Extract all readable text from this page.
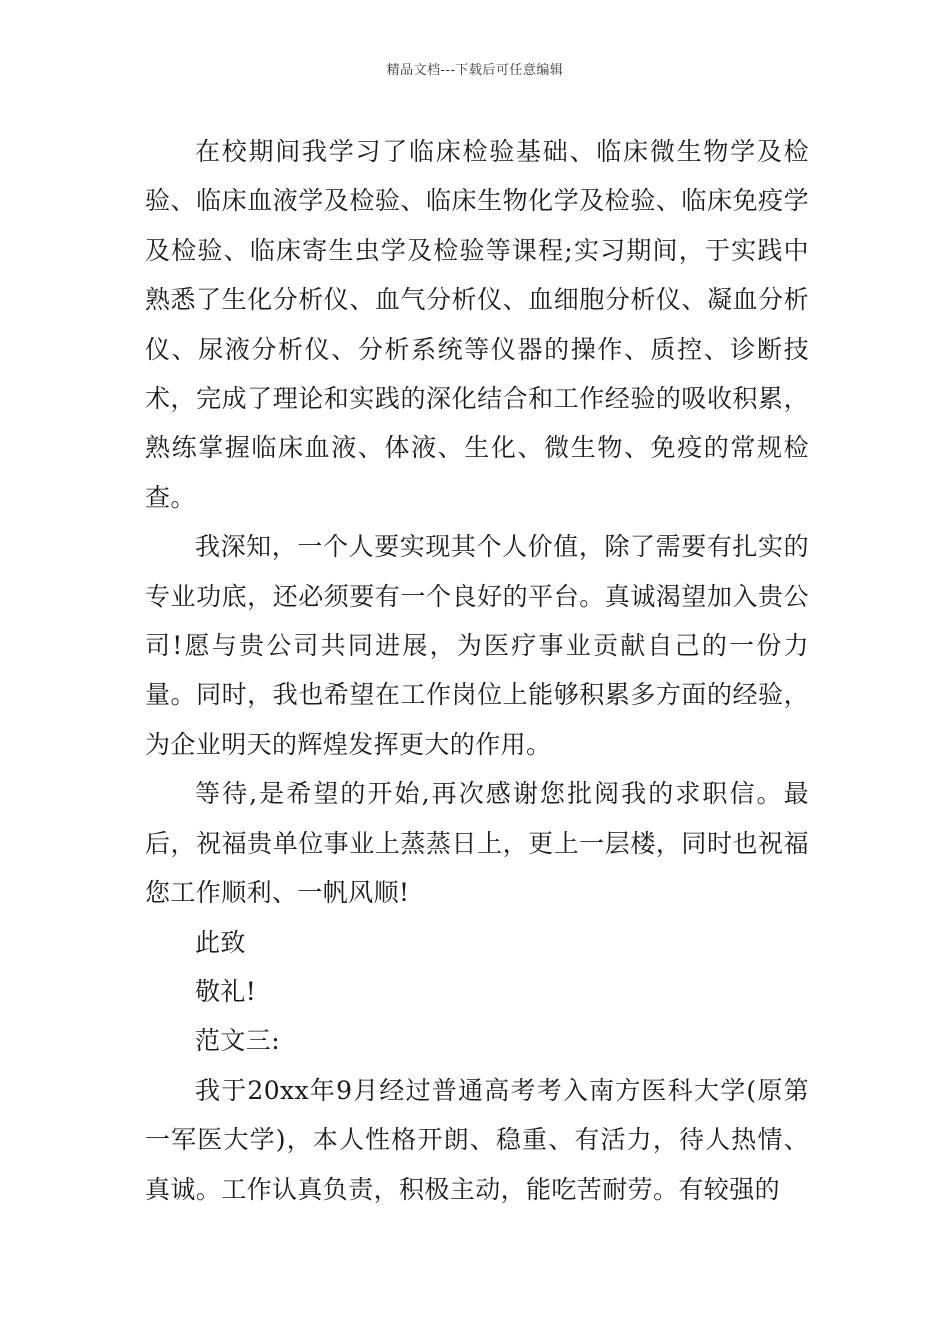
精品文档---下载后可任意编辑

在校期间我学习了临床检验基础、临床微生物学及检验、临床血液学及检验、临床生物化学及检验、临床免疫学及检验、临床寄生虫学及检验等课程;实习期间，于实践中熟悉了生化分析仪、血气分析仪、血细胞分析仪、凝血分析仪、尿液分析仪、分析系统等仪器的操作、质控、诊断技术，完成了理论和实践的深化结合和工作经验的吸收积累，熟练掌握临床血液、体液、生化、微生物、免疫的常规检查。

我深知，一个人要实现其个人价值，除了需要有扎实的专业功底，还必须要有一个良好的平台。真诚渴望加入贵公司!愿与贵公司共同进展，为医疗事业贡献自己的一份力量。同时，我也希望在工作岗位上能够积累多方面的经验，为企业明天的辉煌发挥更大的作用。

等待,是希望的开始,再次感谢您批阅我的求职信。最后，祝福贵单位事业上蒸蒸日上，更上一层楼，同时也祝福您工作顺利、一帆风顺!

此致

敬礼!

范文三:

我于20xx年9月经过普通高考考入南方医科大学(原第一军医大学)，本人性格开朗、稳重、有活力，待人热情、真诚。工作认真负责，积极主动，能吃苦耐劳。有较强的
